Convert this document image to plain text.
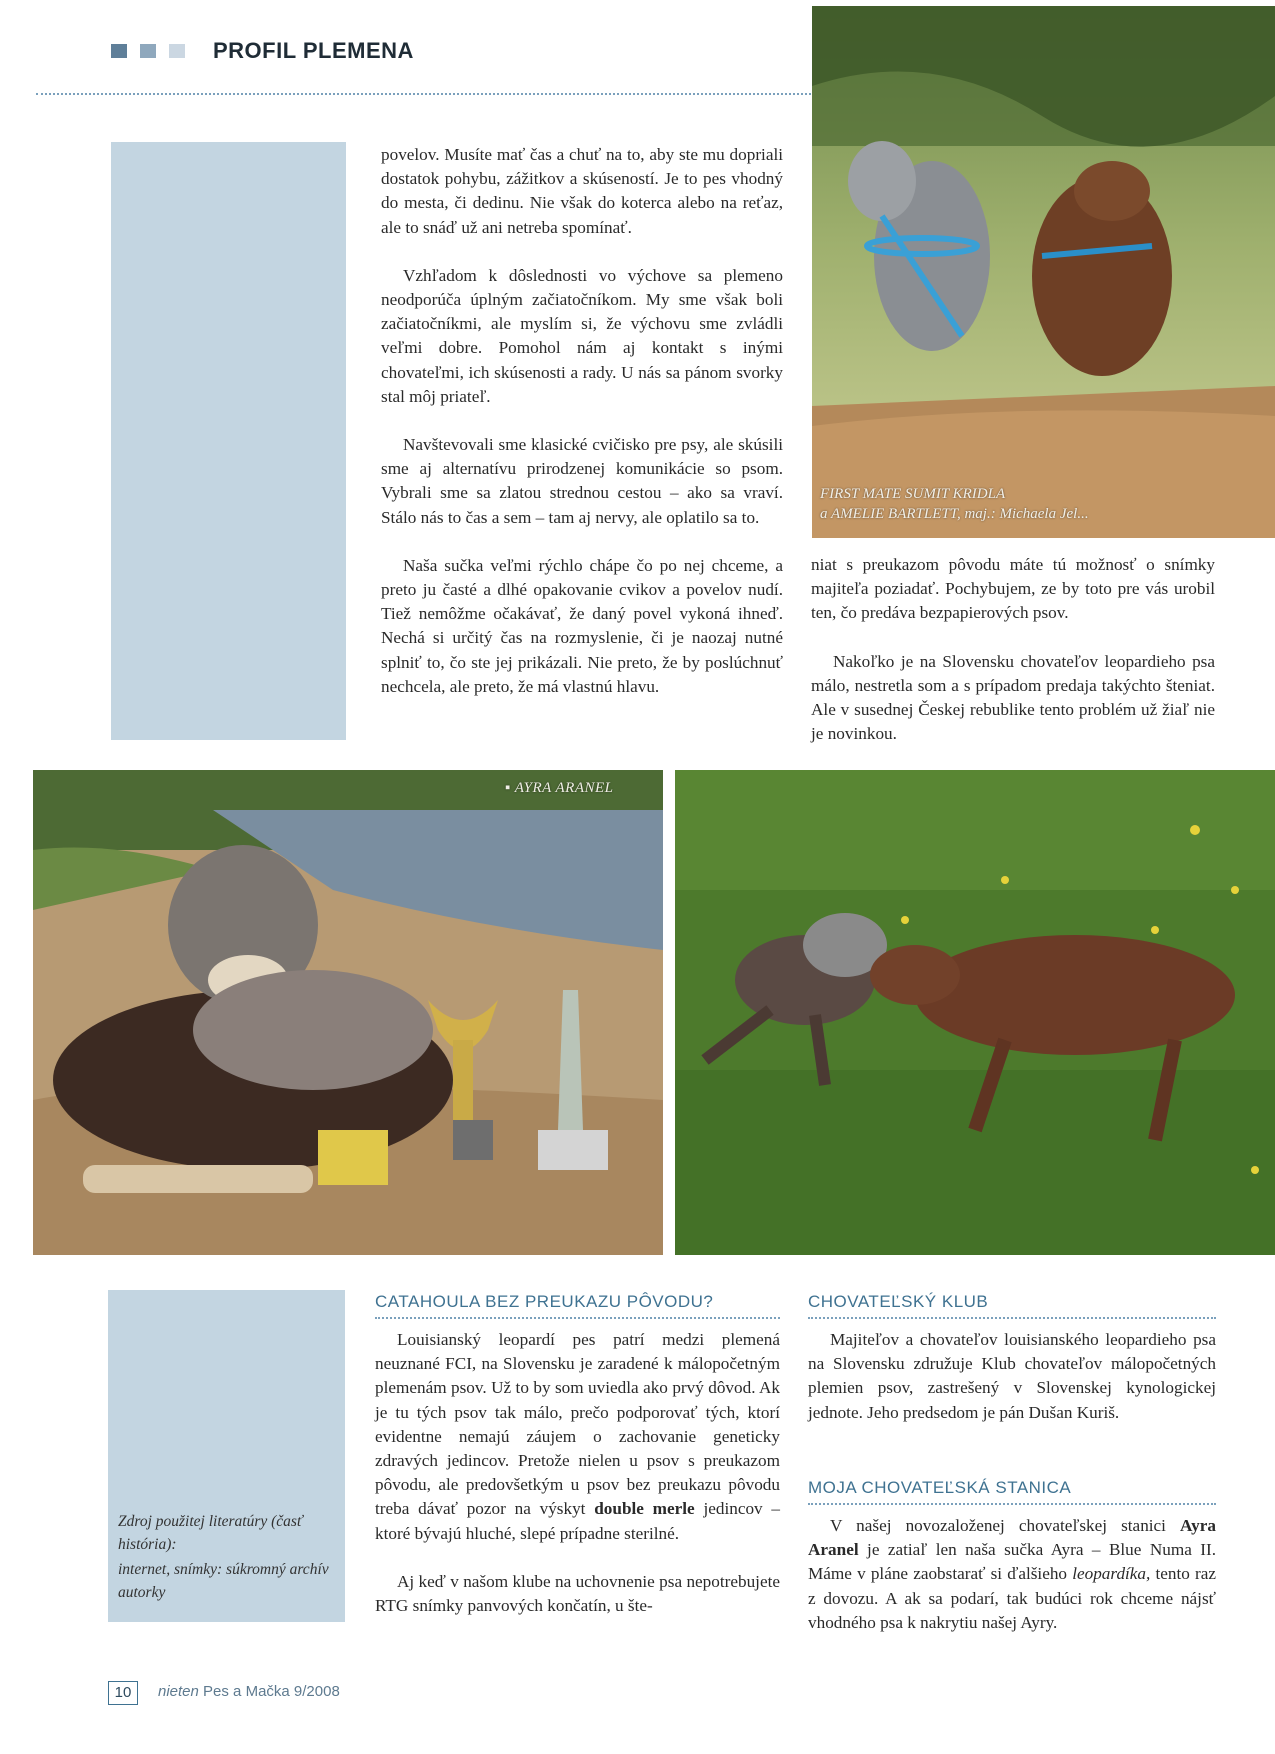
PROFIL PLEMENA

Zdroj použitej literatúry (časť história):

internet, snímky: súkromný archív autorky

povelov. Musíte mať čas a chuť na to, aby ste mu dopriali dostatok pohybu, zážitkov a skúseností. Je to pes vhodný do mesta, či dedinu. Nie však do koterca alebo na reťaz, ale to snáď už ani netreba spomínať.

Vzhľadom k dôslednosti vo výchove sa plemeno neodporúča úplným začiatočníkom. My sme však boli začiatočníkmi, ale myslím si, že výchovu sme zvládli veľmi dobre. Pomohol nám aj kontakt s inými chovateľmi, ich skúsenosti a rady. U nás sa pánom svorky stal môj priateľ.

Navštevovali sme klasické cvičisko pre psy, ale skúsili sme aj alternatívu prirodzenej komunikácie so psom. Vybrali sme sa zlatou strednou cestou – ako sa vraví. Stálo nás to čas a sem – tam aj nervy, ale oplatilo sa to.

Naša sučka veľmi rýchlo chápe čo po nej chceme, a preto ju časté a dlhé opakovanie cvikov a povelov nudí. Tiež nemôžme očakávať, že daný povel vykoná ihneď. Nechá si určitý čas na rozmyslenie, či je naozaj nutné splniť to, čo ste jej prikázali. Nie preto, že by poslúchnuť nechcela, ale preto, že má vlastnú hlavu.

FIRST MATE SUMIT KRIDLA
a AMELIE BARTLETT, maj.: Michaela Jel...

niat s preukazom pôvodu máte tú možnosť o snímky majiteľa poziadať. Pochybujem, ze by toto pre vás urobil ten, čo predáva bezpapierových psov.

Nakoľko je na Slovensku chovateľov leopardieho psa málo, nestretla som a s prípadom predaja takýchto šteniat. Ale v susednej Českej rebublike tento problém už žiaľ nie je novinkou.

▪ AYRA ARANEL
CATAHOULA BEZ PREUKAZU PÔVODU?

Louisianský leopardí pes patrí medzi plemená neuznané FCI, na Slovensku je zaradené k málopočetným plemenám psov. Už to by som uviedla ako prvý dôvod. Ak je tu tých psov tak málo, prečo podporovať tých, ktorí evidentne nemajú záujem o zachovanie geneticky zdravých jedincov. Pretože nielen u psov s preukazom pôvodu, ale predovšetkým u psov bez preukazu pôvodu treba dávať pozor na výskyt double merle jedincov – ktoré bývajú hluché, slepé prípadne sterilné.

Aj keď v našom klube na uchovnenie psa nepotrebujete RTG snímky panvových končatín, u šte-

CHOVATEĽSKÝ KLUB

Majiteľov a chovateľov louisianského leopardieho psa na Slovensku združuje Klub chovateľov málopočetných plemien psov, zastrešený v Slovenskej kynologickej jednote. Jeho predsedom je pán Dušan Kuriš.

MOJA CHOVATEĽSKÁ STANICA

V našej novozaloženej chovateľskej stanici Ayra Aranel je zatiaľ len naša sučka Ayra – Blue Numa II. Máme v pláne zaobstarať si ďalšieho leopardíka, tento raz z dovozu. A ak sa podarí, tak budúci rok chceme nájsť vhodného psa k nakrytiu našej Ayry.

10	nieten Pes a Mačka 9/2008
